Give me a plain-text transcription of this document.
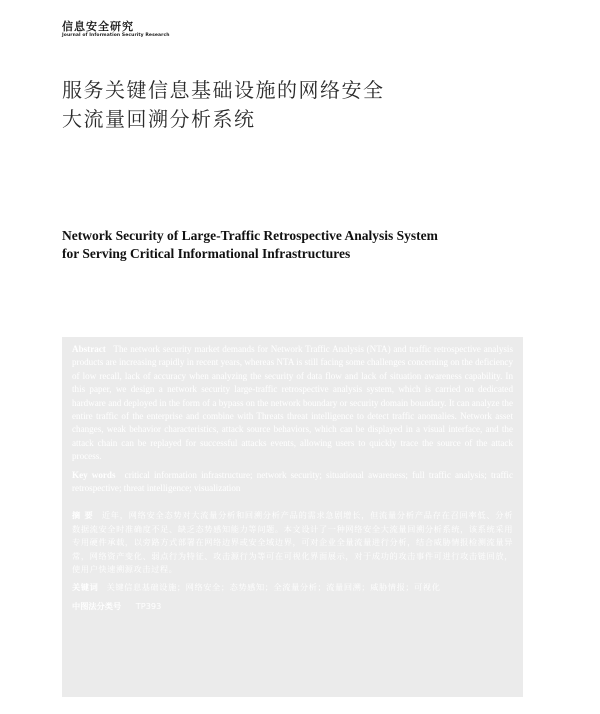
信息安全研究
Journal of Information Security Research
服务关键信息基础设施的网络安全
大流量回溯分析系统
Network Security of Large-Traffic Retrospective Analysis System
for Serving Critical Informational Infrastructures

Abstract The network security market demands for Network Traffic Analysis (NTA) and traffic retrospective analysis products are increasing rapidly in recent years, whereas NTA is still facing some challenges concerning on the deficiency of low recall, lack of accuracy when analyzing the security of data flow and lack of situation awareness capability. In this paper, we design a network security large-traffic retrospective analysis system, which is carried on dedicated hardware and deployed in the form of a bypass on the network boundary or security domain boundary. It can analyze the entire traffic of the enterprise and combine with Threats threat intelligence to detect traffic anomalies. Network asset changes, weak behavior characteristics, attack source behaviors, which can be displayed in a visual interface, and the attack chain can be replayed for successful attacks events, allowing users to quickly trace the source of the attack process.

Key words critical information infrastructure; network security; situational awareness; full traffic analysis; traffic retrospective; threat intelligence; visualization

摘 要 近年，网络安全态势对大流量分析和回溯分析产品的需求急剧增长，但流量分析产品存在召回率低、分析数据流安全时准确度不足、缺乏态势感知能力等问题。本文设计了一种网络安全大流量回溯分析系统，该系统采用专用硬件承载，以旁路方式部署在网络边界或安全域边界，可对企业全量流量进行分析，结合威胁情报检测流量异常，网络资产变化、弱点行为特征、攻击源行为等可在可视化界面展示，对于成功的攻击事件可进行攻击链回放，使用户快速溯源攻击过程。

关键词 关键信息基础设施；网络安全；态势感知；全流量分析；流量回溯；威胁情报；可视化

中图法分类号 TP393
